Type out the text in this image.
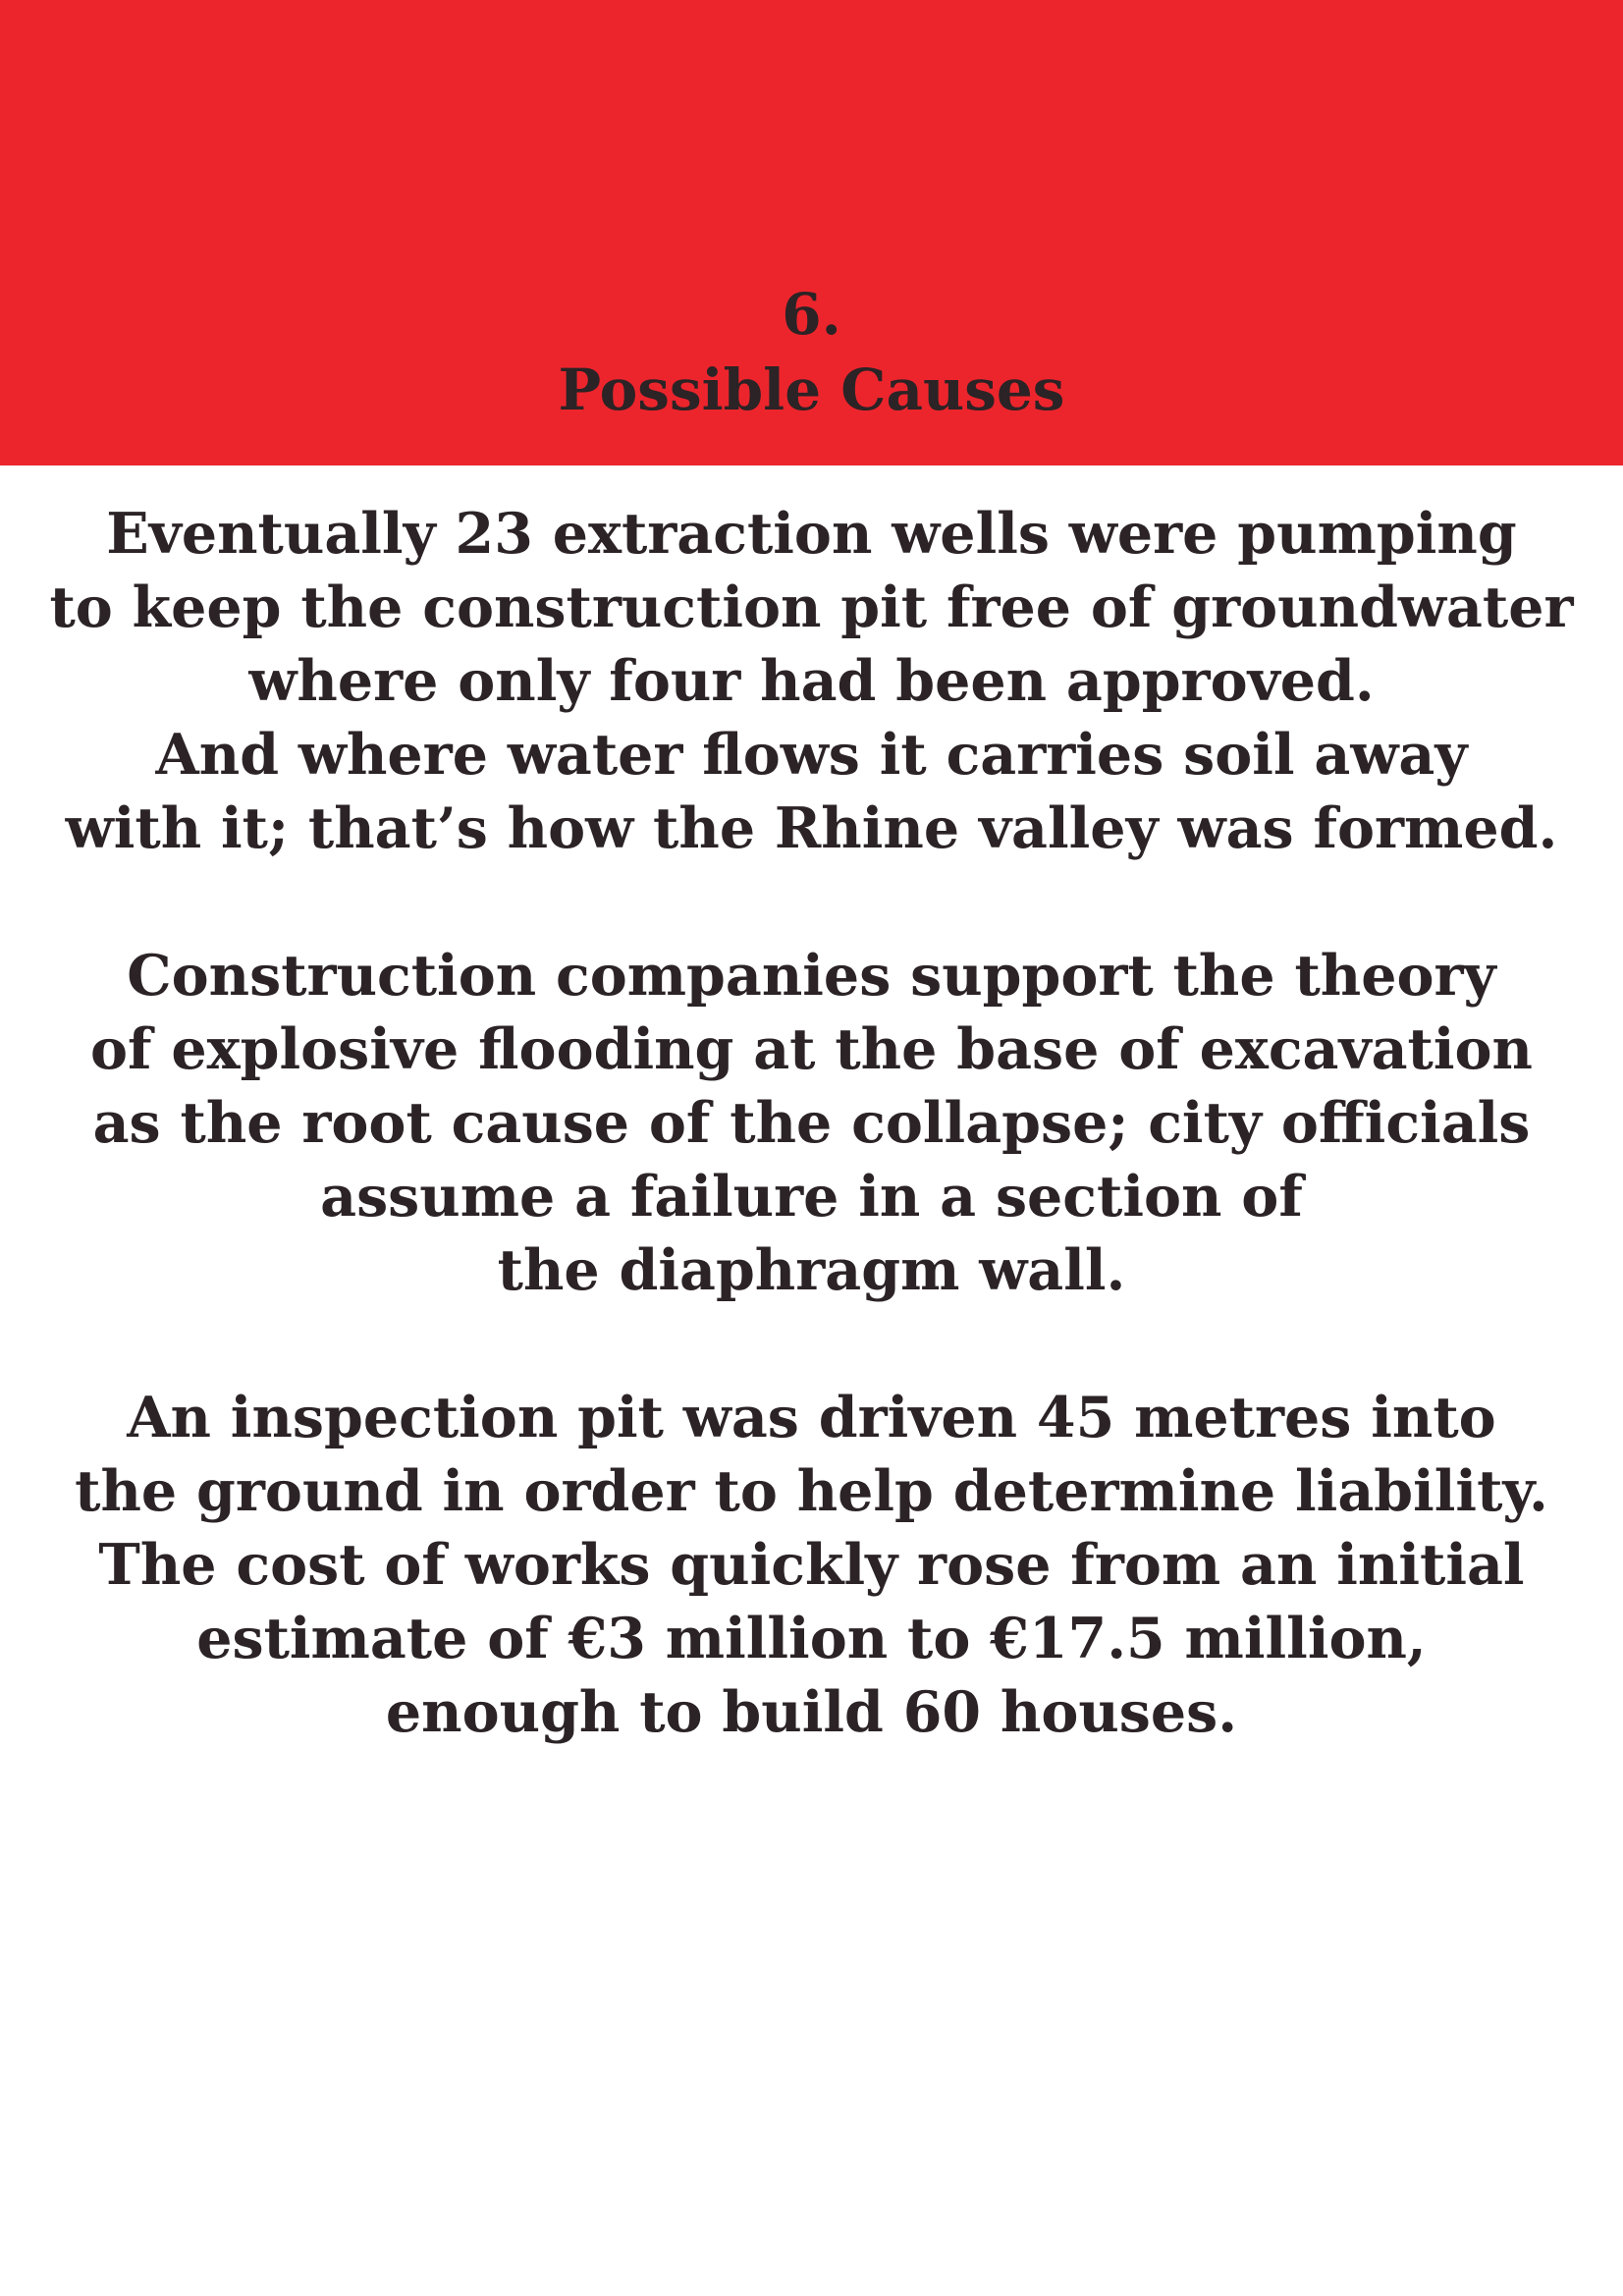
6.
Possible Causes
Eventually 23 extraction wells were pumping
to keep the construction pit free of groundwater
where only four had been approved.
And where water flows it carries soil away
with it; that’s how the Rhine valley was formed.
Construction companies support the theory
of explosive flooding at the base of excavation
as the root cause of the collapse; city officials
assume a failure in a section of
the diaphragm wall.
An inspection pit was driven 45 metres into
the ground in order to help determine liability.
The cost of works quickly rose from an initial
estimate of €3 million to €17.5 million,
enough to build 60 houses.
